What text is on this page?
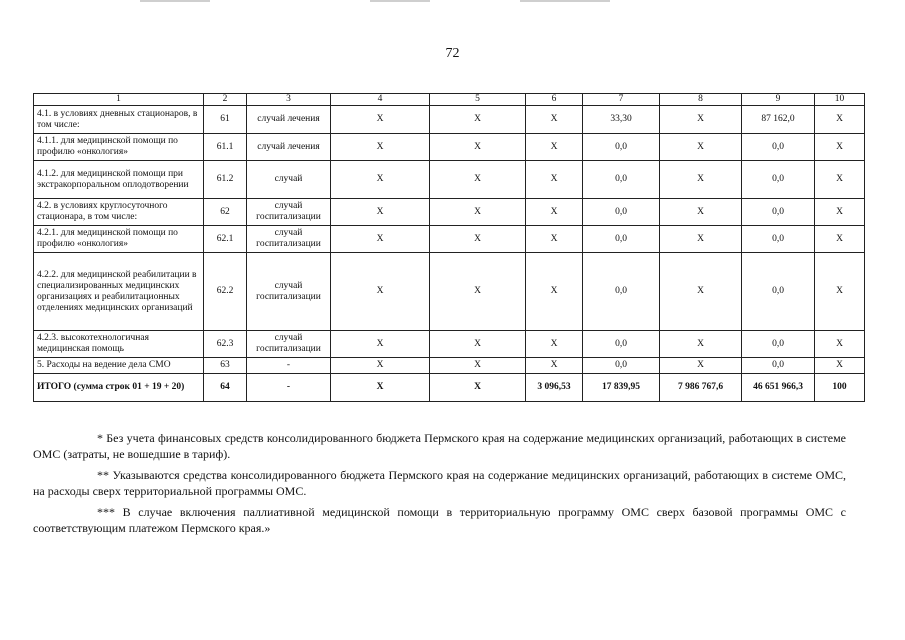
72
1	2	3	4	5	6	7	8	9	10
4.1. в условиях дневных стационаров, в том числе:	61	случай лечения	X	X	X	33,30	X	87 162,0	X
4.1.1. для медицинской помощи по профилю «онкология»	61.1	случай лечения	X	X	X	0,0	X	0,0	X
4.1.2. для медицинской помощи при экстракорпоральном оплодотворении	61.2	случай	X	X	X	0,0	X	0,0	X
4.2. в условиях круглосуточного стационара, в том числе:	62	случай госпитализации	X	X	X	0,0	X	0,0	X
4.2.1. для медицинской помощи по профилю «онкология»	62.1	случай госпитализации	X	X	X	0,0	X	0,0	X
4.2.2. для медицинской реабилитации в специализированных медицинских организациях и реабилитационных отделениях медицинских организаций	62.2	случай госпитализации	X	X	X	0,0	X	0,0	X
4.2.3. высокотехнологичная медицинская помощь	62.3	случай госпитализации	X	X	X	0,0	X	0,0	X
5. Расходы на ведение дела СМО	63	-	X	X	X	0,0	X	0,0	X
ИТОГО (сумма строк 01 + 19 + 20)	64	-	X	X	3 096,53	17 839,95	7 986 767,6	46 651 966,3	100

* Без учета финансовых средств консолидированного бюджета Пермского края на содержание медицинских организаций, работающих в системе ОМС (затраты, не вошедшие в тариф).

** Указываются средства консолидированного бюджета Пермского края на содержание медицинских организаций, работающих в системе ОМС, на расходы сверх территориальной программы ОМС.

*** В случае включения паллиативной медицинской помощи в территориальную программу ОМС сверх базовой программы ОМС с соответствующим платежом Пермского края.»
